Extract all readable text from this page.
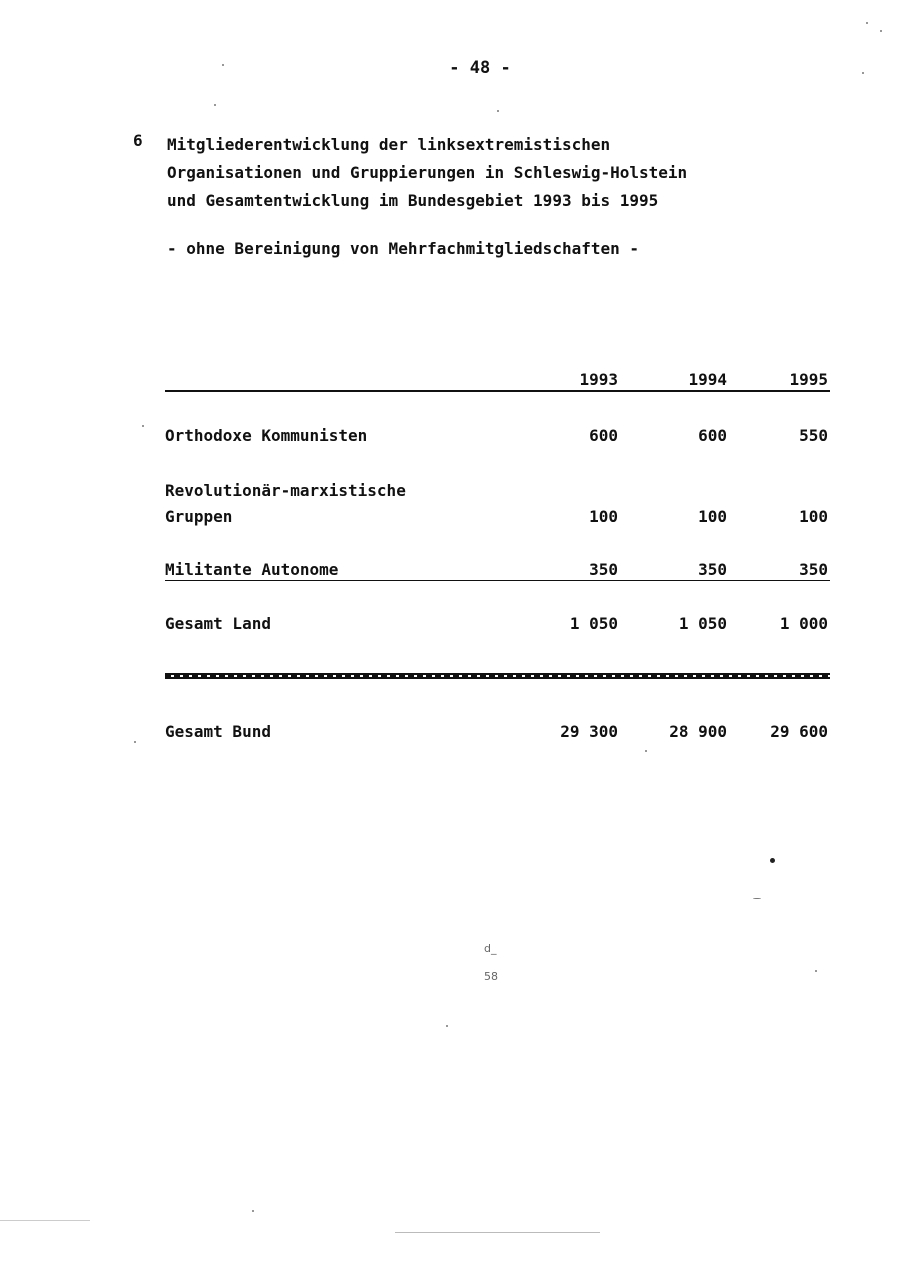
- 48 -
6 Mitgliederentwicklung der linksextremistischen
Organisationen und Gruppierungen in Schleswig-Holstein
und Gesamtentwicklung im Bundesgebiet 1993 bis 1995
- ohne Bereinigung von Mehrfachmitgliedschaften -
1993	1994	1995
Orthodoxe Kommunisten	600	600	550
Revolutionär-marxistische
Gruppen	100	100	100
Militante Autonome	350	350	350
Gesamt Land	1 050	1 050	1 000
Gesamt Bund	29 300	28 900	29 600
d_
58
